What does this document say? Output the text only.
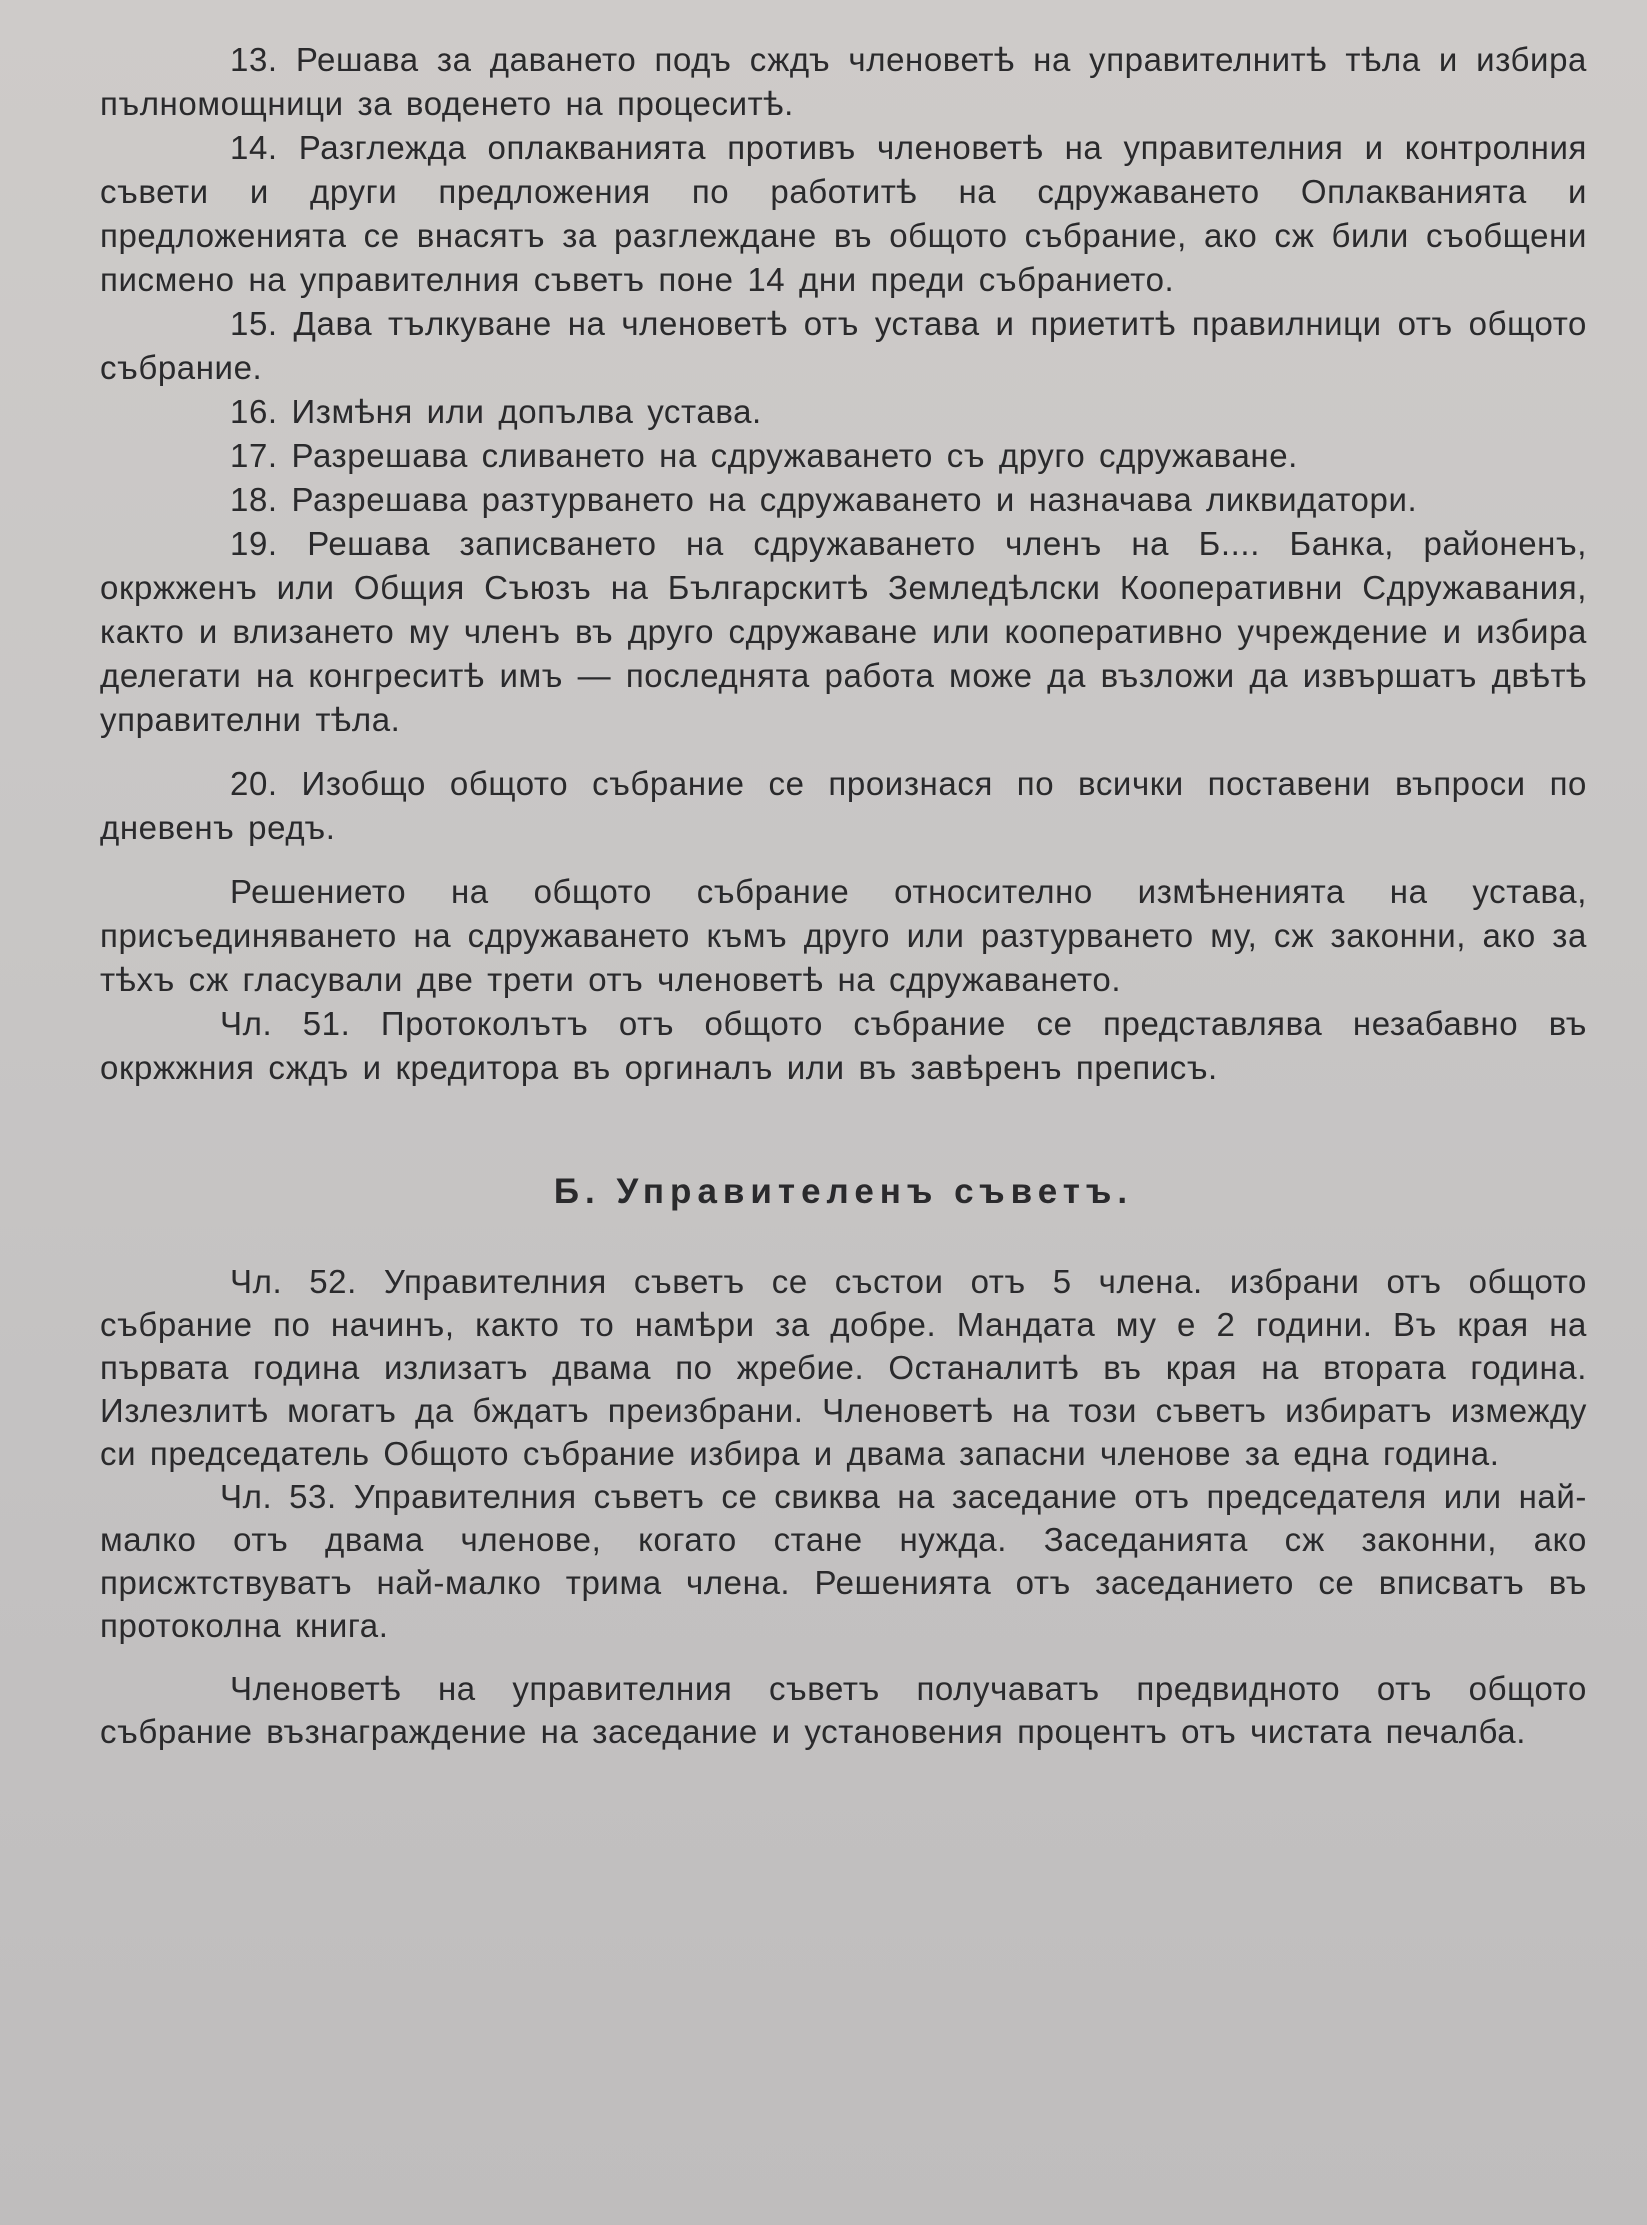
13. Решава за даването подъ сждъ членоветѣ на управителнитѣ тѣла и избира пълномощници за воденето на процеситѣ.

14. Разглежда оплакванията противъ членоветѣ на управителния и контролния съвети и други предложения по работитѣ на сдружаването Оплакванията и предложенията се внасятъ за разглеждане въ общото събрание, ако сж били съобщени писмено на управителния съветъ поне 14 дни преди събранието.

15. Дава тълкуване на членоветѣ отъ устава и приетитѣ правилници отъ общото събрание.

16. Измѣня или допълва устава.

17. Разрешава сливането на сдружаването съ друго сдружаване.

18. Разрешава разтурването на сдружаването и назначава ликвидатори.

19. Решава записването на сдружаването членъ на Б.... Банка, районенъ, окржженъ или Общия Съюзъ на Българскитѣ Земледѣлски Кооперативни Сдружавания, както и влизането му членъ въ друго сдружаване или кооперативно учреждение и избира делегати на конгреситѣ имъ — последнята работа може да възложи да извършатъ двѣтѣ управителни тѣла.

20. Изобщо общото събрание се произнася по всички поставени въпроси по дневенъ редъ.

Решението на общото събрание относително измѣненията на устава, присъединяването на сдружаването къмъ друго или разтурването му, сж законни, ако за тѣхъ сж гласували две трети отъ членоветѣ на сдружаването.

Чл. 51. Протоколътъ отъ общото събрание се представлява незабавно въ окржжния сждъ и кредитора въ оргиналъ или въ завѣренъ преписъ.

Б. Управителенъ съветъ.

Чл. 52. Управителния съветъ се състои отъ 5 члена. избрани отъ общото събрание по начинъ, както то намѣри за добре. Мандата му е 2 години. Въ края на първата година излизатъ двама по жребие. Останалитѣ въ края на втората година. Излезлитѣ могатъ да бждатъ преизбрани. Членоветѣ на този съветъ избиратъ измежду си председатель Общото събрание избира и двама запасни членове за една година.

Чл. 53. Управителния съветъ се свиква на заседание отъ председателя или най-малко отъ двама членове, когато стане нужда. Заседанията сж законни, ако присжтствуватъ най-малко трима члена. Решенията отъ заседанието се вписватъ въ протоколна книга.

Членоветѣ на управителния съветъ получаватъ предвидното отъ общото събрание възнаграждение на заседание и установения процентъ отъ чистата печалба.
